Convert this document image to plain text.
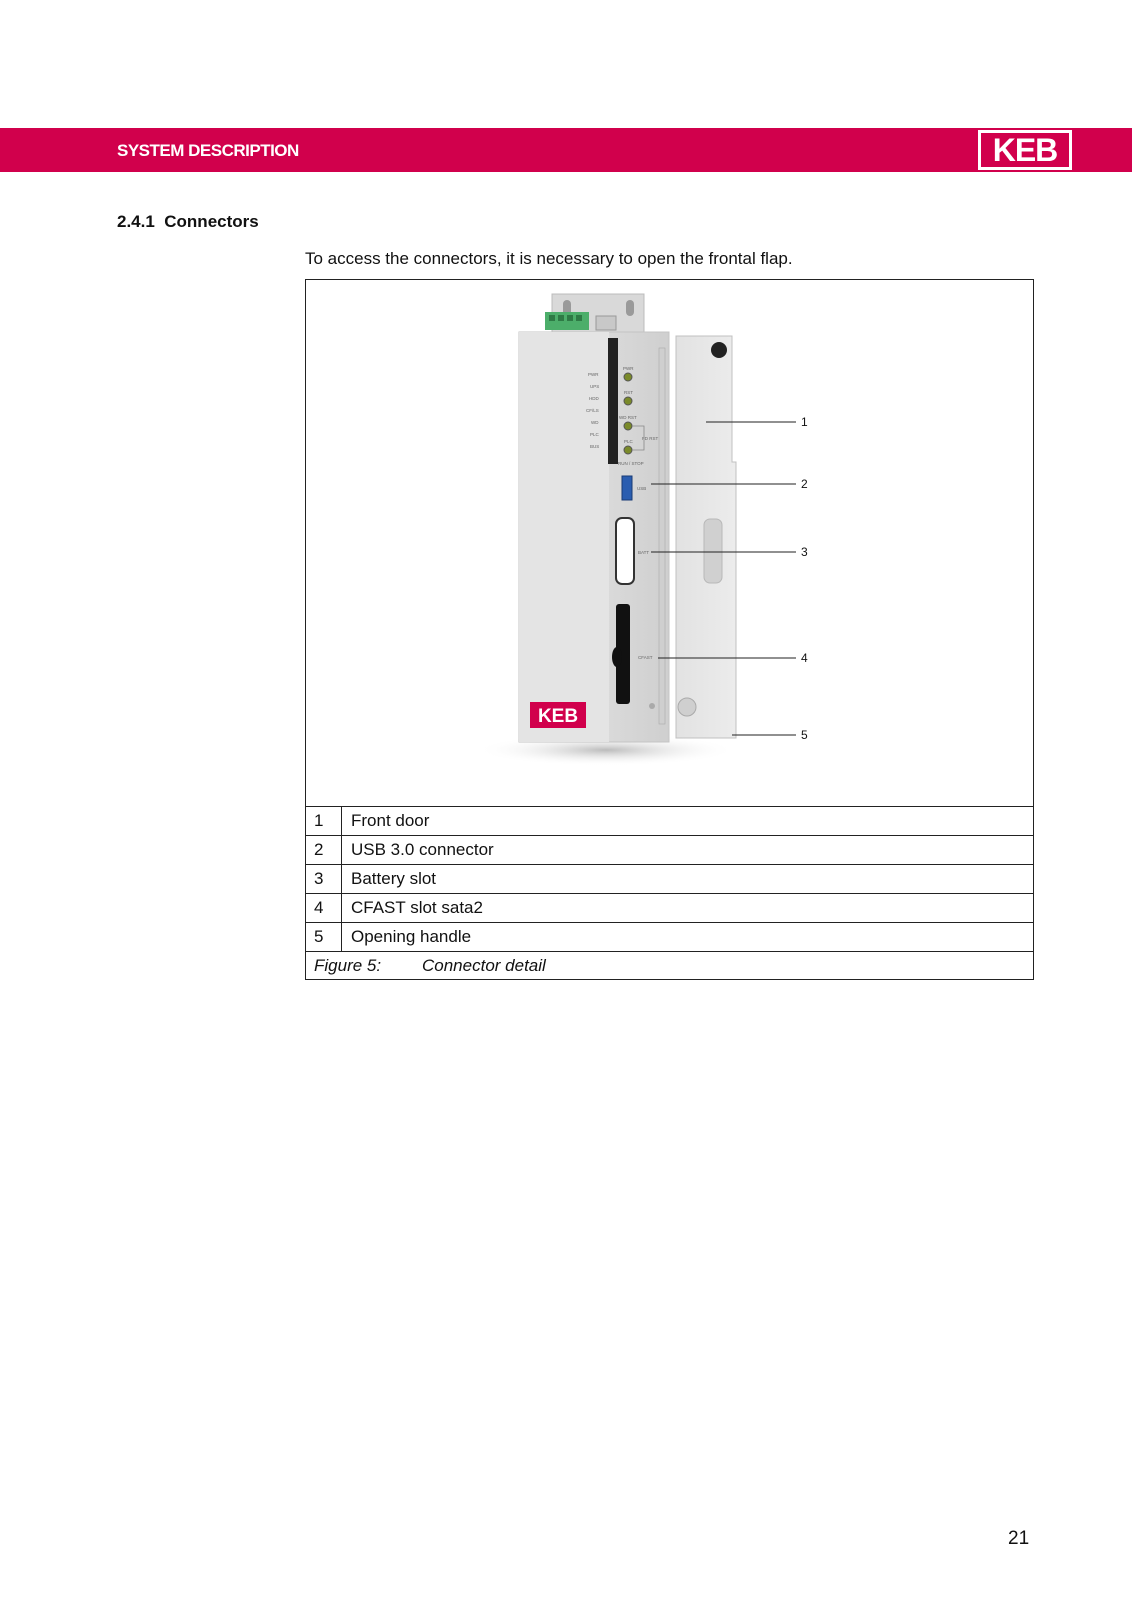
SYSTEM DESCRIPTION	KEB
2.4.1 Connectors
To access the connectors, it is necessary to open the frontal flap.
PWR
UPS
HDD
CF/LS
WD
PLC
BUS
PWR
RST
WD RST
FD RST
PLC
RUN / STOP
USB
BATT
CFAST
KEB
1
2
3
4
5
1	Front door
2	USB 3.0 connector
3	Battery slot
4	CFAST slot sata2
5	Opening handle
Figure 5: Connector detail
21
